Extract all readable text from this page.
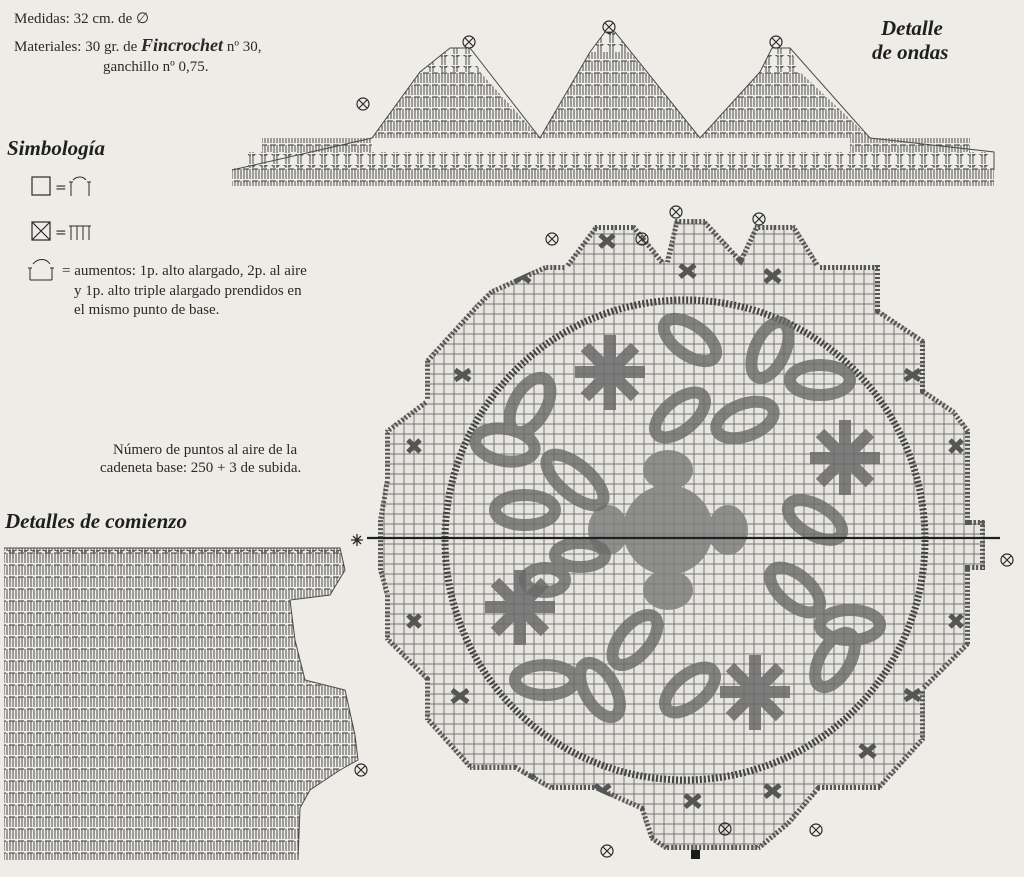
Medidas: 32 cm. de ∅
Materiales: 30 gr. de Fincrochet nº 30,
ganchillo nº 0,75.
Detalle
de ondas
Simbología
Detalles de comienzo
= aumentos: 1p. alto alargado, 2p. al aire
y 1p. alto triple alargado prendidos en
el mismo punto de base.
Número de puntos al aire de la
cadeneta base: 250 + 3 de subida.
=
=
